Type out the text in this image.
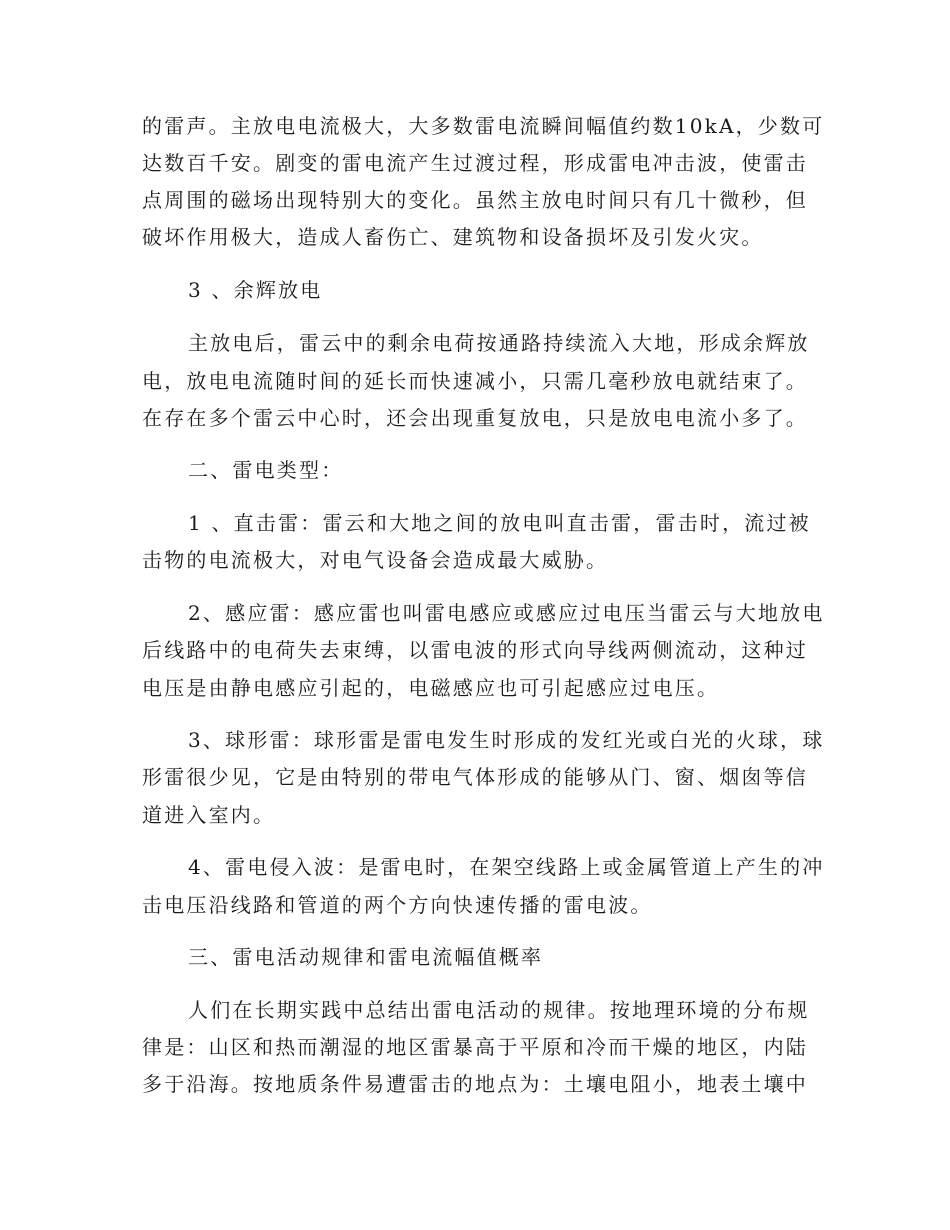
的雷声。主放电电流极大，大多数雷电流瞬间幅值约数10kA，少数可

达数百千安。剧变的雷电流产生过渡过程，形成雷电冲击波，使雷击

点周围的磁场出现特别大的变化。虽然主放电时间只有几十微秒，但

破坏作用极大，造成人畜伤亡、建筑物和设备损坏及引发火灾。

3 、余辉放电

主放电后，雷云中的剩余电荷按通路持续流入大地，形成余辉放

电，放电电流随时间的延长而快速减小，只需几毫秒放电就结束了。

在存在多个雷云中心时，还会出现重复放电，只是放电电流小多了。

二、雷电类型：

1 、直击雷：雷云和大地之间的放电叫直击雷，雷击时，流过被

击物的电流极大，对电气设备会造成最大威胁。

2、感应雷：感应雷也叫雷电感应或感应过电压当雷云与大地放电

后线路中的电荷失去束缚，以雷电波的形式向导线两侧流动，这种过

电压是由静电感应引起的，电磁感应也可引起感应过电压。

3、球形雷：球形雷是雷电发生时形成的发红光或白光的火球，球

形雷很少见，它是由特别的带电气体形成的能够从门、窗、烟囱等信

道进入室内。

4、雷电侵入波：是雷电时，在架空线路上或金属管道上产生的冲

击电压沿线路和管道的两个方向快速传播的雷电波。

三、雷电活动规律和雷电流幅值概率

人们在长期实践中总结出雷电活动的规律。按地理环境的分布规

律是：山区和热而潮湿的地区雷暴高于平原和冷而干燥的地区，内陆

多于沿海。按地质条件易遭雷击的地点为：土壤电阻小，地表土壤中
